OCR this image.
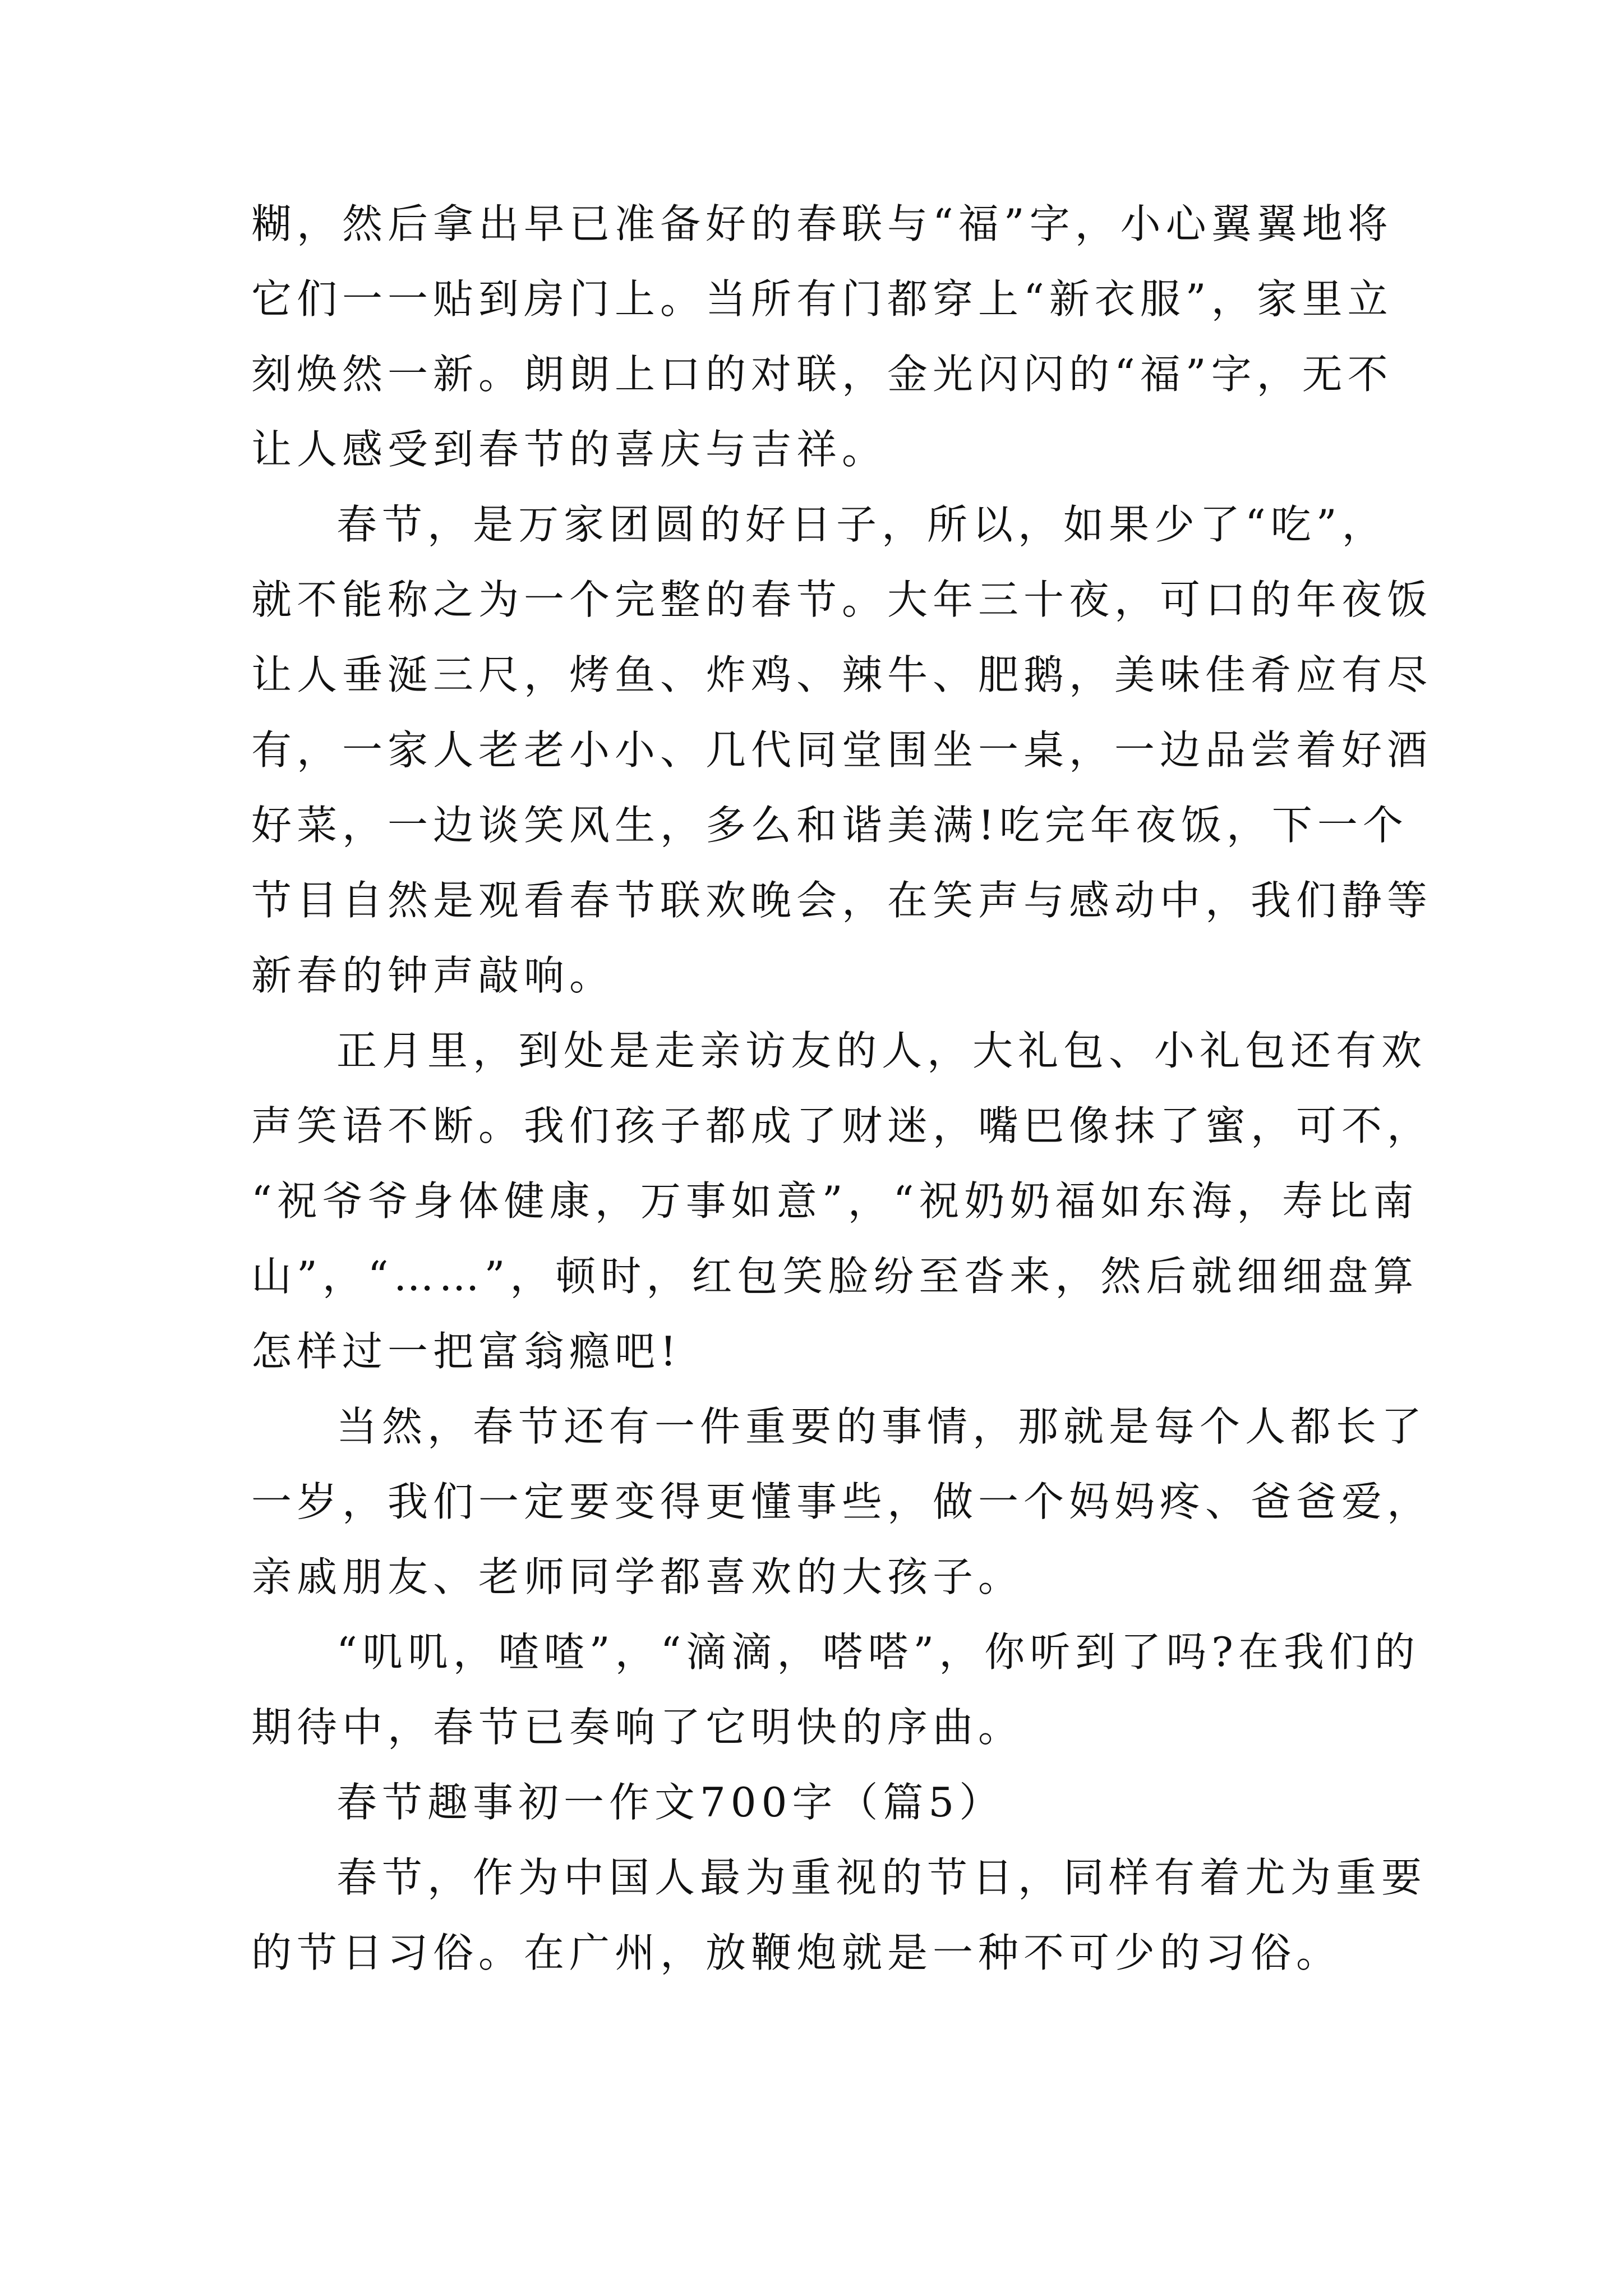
糊，然后拿出早已准备好的春联与“福”字，小心翼翼地将
它们一一贴到房门上。当所有门都穿上“新衣服”，家里立
刻焕然一新。朗朗上口的对联，金光闪闪的“福”字，无不
让人感受到春节的喜庆与吉祥。
春节，是万家团圆的好日子，所以，如果少了“吃”，
就不能称之为一个完整的春节。大年三十夜，可口的年夜饭
让人垂涎三尺，烤鱼、炸鸡、辣牛、肥鹅，美味佳肴应有尽
有，一家人老老小小、几代同堂围坐一桌，一边品尝着好酒
好菜，一边谈笑风生，多么和谐美满!吃完年夜饭，下一个
节目自然是观看春节联欢晚会，在笑声与感动中，我们静等
新春的钟声敲响。
正月里，到处是走亲访友的人，大礼包、小礼包还有欢
声笑语不断。我们孩子都成了财迷，嘴巴像抹了蜜，可不，
“祝爷爷身体健康，万事如意”，“祝奶奶福如东海，寿比南
山”，“……”，顿时，红包笑脸纷至沓来，然后就细细盘算
怎样过一把富翁瘾吧!
当然，春节还有一件重要的事情，那就是每个人都长了
一岁，我们一定要变得更懂事些，做一个妈妈疼、爸爸爱，
亲戚朋友、老师同学都喜欢的大孩子。
“叽叽，喳喳”，“滴滴，嗒嗒”，你听到了吗?在我们的
期待中，春节已奏响了它明快的序曲。
春节趣事初一作文700字（篇5）
春节，作为中国人最为重视的节日，同样有着尤为重要
的节日习俗。在广州，放鞭炮就是一种不可少的习俗。
